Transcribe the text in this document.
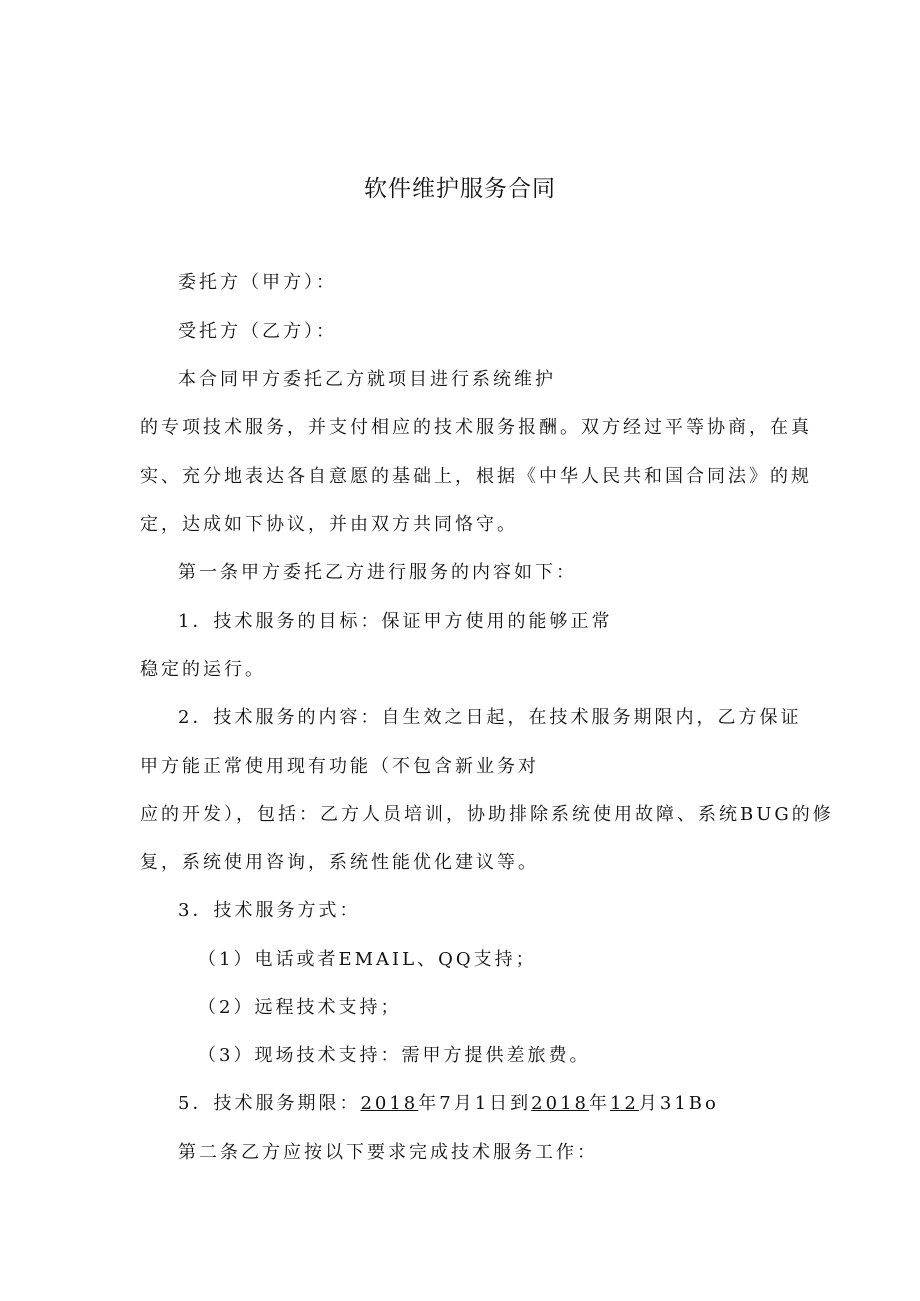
软件维护服务合同
委托方（甲方）：
受托方（乙方）：
本合同甲方委托乙方就项目进行系统维护
的专项技术服务，并支付相应的技术服务报酬。双方经过平等协商，在真
实、充分地表达各自意愿的基础上，根据《中华人民共和国合同法》的规
定，达成如下协议，并由双方共同恪守。
第一条甲方委托乙方进行服务的内容如下：
1．技术服务的目标：保证甲方使用的能够正常
稳定的运行。
2．技术服务的内容：自生效之日起，在技术服务期限内，乙方保证
甲方能正常使用现有功能（不包含新业务对
应的开发），包括：乙方人员培训，协助排除系统使用故障、系统BUG的修
复，系统使用咨询，系统性能优化建议等。
3．技术服务方式：
（1）电话或者EMAIL、QQ支持；
（2）远程技术支持；
（3）现场技术支持：需甲方提供差旅费。
5．技术服务期限：2018年7月1日到2018年12月31Bo
第二条乙方应按以下要求完成技术服务工作：
